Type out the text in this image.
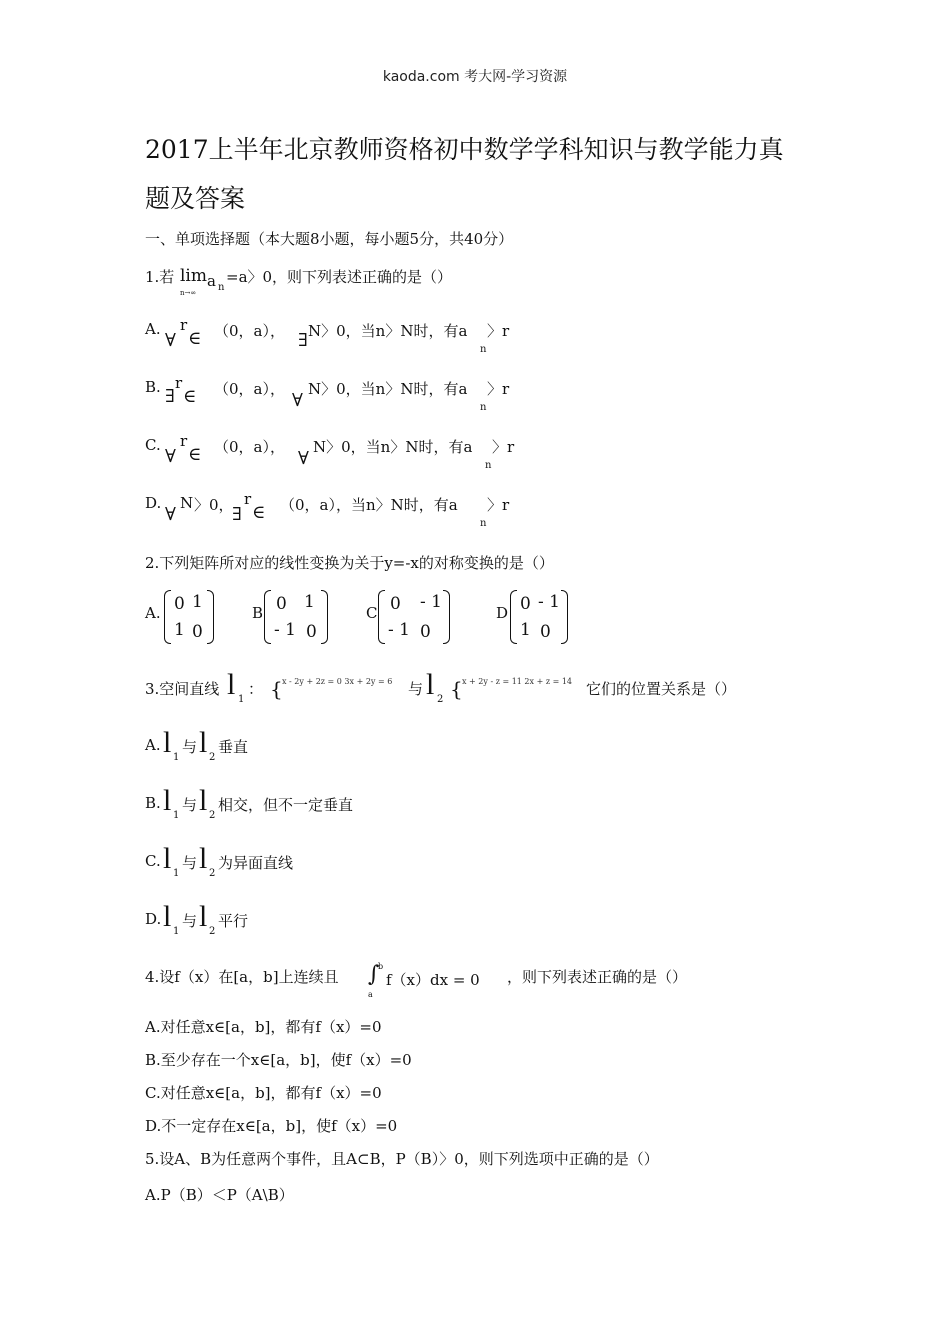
kaoda.com 考大网-学习资源
2017上半年北京教师资格初中数学学科知识与教学能力真
题及答案
一、单项选择题（本大题8小题，每小题5分，共40分）
1.若 lim a n
n→∞
=a〉0，则下列表述正确的是（）
A.
∀
r
∈ （0，a）， ∃ N〉0，当n〉N时，有a 〉r
n
B. ∃
r
∈ （0，a），
∀
N〉0，当n〉N时，有a 〉r
n
C.
∀
r
∈ （0，a），
∀
N〉0，当n〉N时，有a 〉r
n
D.
∀
N 〉0，
∃
r
∈ （0，a），当n〉N时，有a 〉r
n
2.下列矩阵所对应的线性变换为关于y=-x的对称变换的是（）
A. 0 1
1 0
B 0 1
- 1 0
C 0 - 1
- 1 0
D 0 - 1
1 0
3.空间直线 l 1
： { x - 2y + 2z = 0 3x + 2y = 6	与 l 2 { x + 2y - z = 11 2x + z = 14 它们的位置关系是（）
A. l 1
与 l 2
垂直
B. l 1
与 l 2
相交，但不一定垂直
C. l 1
与 l 2
为异面直线
D. l 1
与 l 2
平行
4.设f（x）在[a，b]上连续且 ∫
b
a
f（x）dx = 0 ，则下列表述正确的是（）
A.对任意x∈[a，b]，都有f（x）=0
B.至少存在一个x∈[a，b]，使f（x）=0
C.对任意x∈[a，b]，都有f（x）=0
D.不一定存在x∈[a，b]，使f（x）=0
5.设A、B为任意两个事件，且A⊂B，P（B）〉0，则下列选项中正确的是（）
A.P（B）＜P（A\B）
